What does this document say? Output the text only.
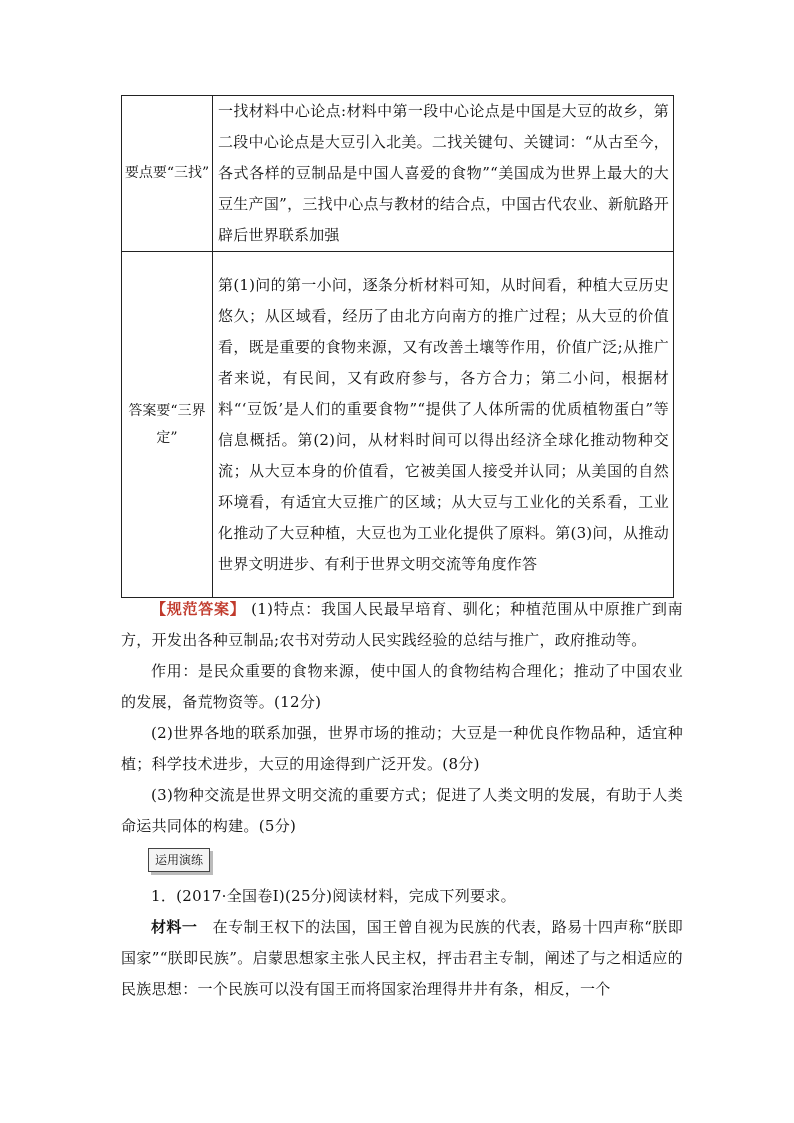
要点要“三找”	一找材料中心论点:材料中第一段中心论点是中国是大豆的故乡，第二段中心论点是大豆引入北美。二找关键句、关键词：“从古至今，各式各样的豆制品是中国人喜爱的食物”“美国成为世界上最大的大豆生产国”，三找中心点与教材的结合点，中国古代农业、新航路开辟后世界联系加强
答案要“三界定”	第(1)问的第一小问，逐条分析材料可知，从时间看，种植大豆历史悠久；从区域看，经历了由北方向南方的推广过程；从大豆的价值看，既是重要的食物来源，又有改善土壤等作用，价值广泛;从推广者来说，有民间，又有政府参与，各方合力；第二小问，根据材料“‘豆饭’是人们的重要食物”“提供了人体所需的优质植物蛋白”等信息概括。第(2)问，从材料时间可以得出经济全球化推动物种交流；从大豆本身的价值看，它被美国人接受并认同；从美国的自然环境看，有适宜大豆推广的区域；从大豆与工业化的关系看，工业化推动了大豆种植，大豆也为工业化提供了原料。第(3)问，从推动世界文明进步、有利于世界文明交流等角度作答

【规范答案】 (1)特点：我国人民最早培育、驯化；种植范围从中原推广到南方，开发出各种豆制品;农书对劳动人民实践经验的总结与推广，政府推动等。

作用：是民众重要的食物来源，使中国人的食物结构合理化；推动了中国农业的发展，备荒物资等。(12分)

(2)世界各地的联系加强，世界市场的推动；大豆是一种优良作物品种，适宜种植；科学技术进步，大豆的用途得到广泛开发。(8分)

(3)物种交流是世界文明交流的重要方式；促进了人类文明的发展，有助于人类命运共同体的构建。(5分)

运用演练

1．(2017·全国卷Ⅰ)(25分)阅读材料，完成下列要求。

材料一　 在专制王权下的法国，国王曾自视为民族的代表，路易十四声称“朕即国家”“朕即民族”。启蒙思想家主张人民主权，抨击君主专制，阐述了与之相适应的民族思想：一个民族可以没有国王而将国家治理得井井有条，相反，一个
